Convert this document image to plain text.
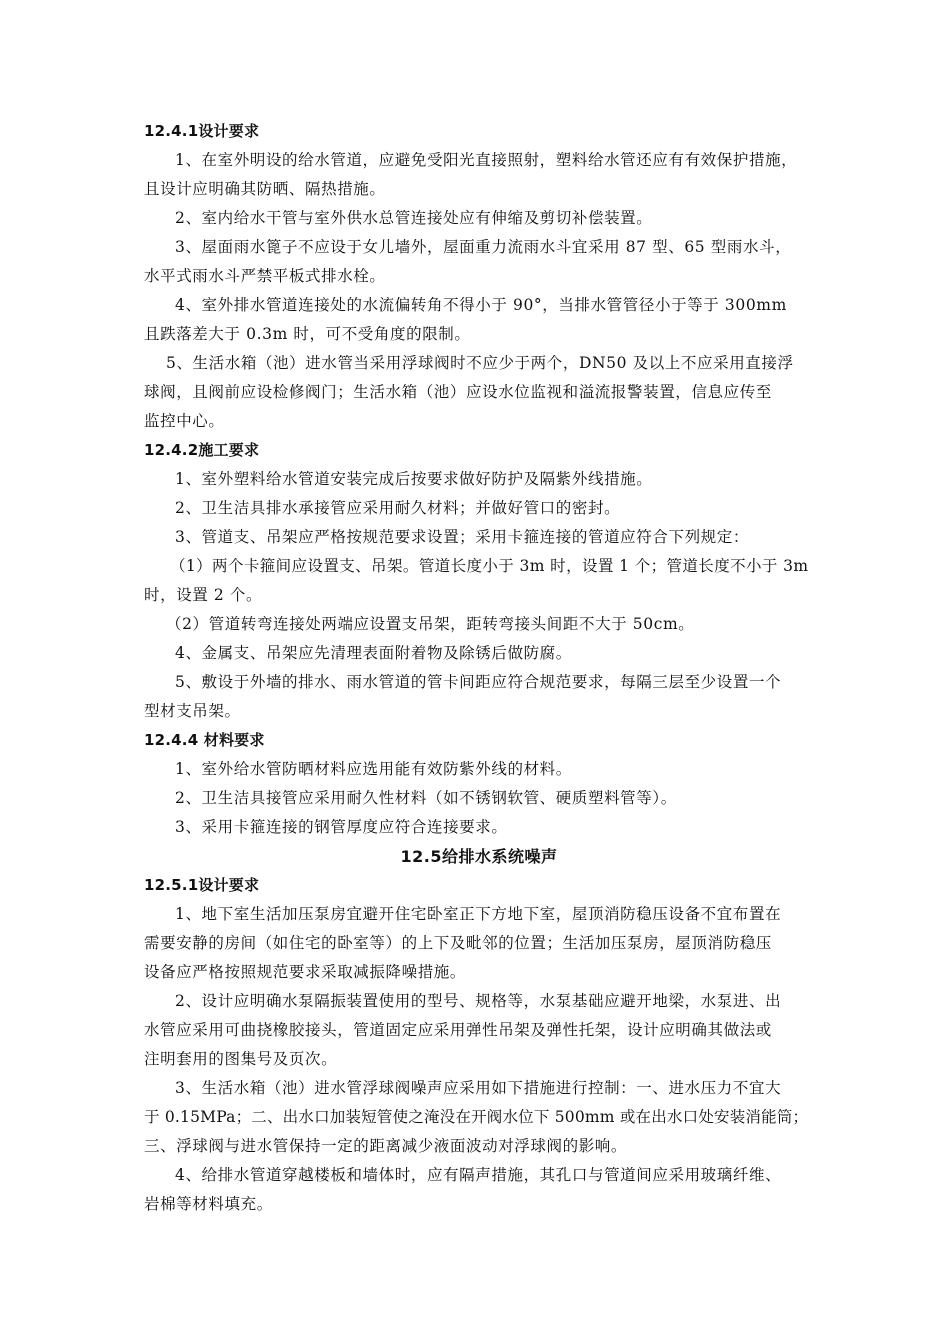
12.4.1设计要求
1、在室外明设的给水管道，应避免受阳光直接照射，塑料给水管还应有有效保护措施，
且设计应明确其防晒、隔热措施。
2、室内给水干管与室外供水总管连接处应有伸缩及剪切补偿装置。
3、屋面雨水篦子不应设于女儿墙外，屋面重力流雨水斗宜采用 87 型、65 型雨水斗，
水平式雨水斗严禁平板式排水栓。
4、室外排水管道连接处的水流偏转角不得小于 90°，当排水管管径小于等于 300mm
且跌落差大于 0.3m 时，可不受角度的限制。
5、生活水箱（池）进水管当采用浮球阀时不应少于两个，DN50 及以上不应采用直接浮
球阀，且阀前应设检修阀门；生活水箱（池）应设水位监视和溢流报警装置，信息应传至
监控中心。
12.4.2施工要求
1、室外塑料给水管道安装完成后按要求做好防护及隔紫外线措施。
2、卫生洁具排水承接管应采用耐久材料；并做好管口的密封。
3、管道支、吊架应严格按规范要求设置；采用卡箍连接的管道应符合下列规定：
（1）两个卡箍间应设置支、吊架。管道长度小于 3m 时，设置 1 个；管道长度不小于 3m
时，设置 2 个。
（2）管道转弯连接处两端应设置支吊架，距转弯接头间距不大于 50cm。
4、金属支、吊架应先清理表面附着物及除锈后做防腐。
5、敷设于外墙的排水、雨水管道的管卡间距应符合规范要求，每隔三层至少设置一个
型材支吊架。
12.4.4 材料要求
1、室外给水管防晒材料应选用能有效防紫外线的材料。
2、卫生洁具接管应采用耐久性材料（如不锈钢软管、硬质塑料管等）。
3、采用卡箍连接的钢管厚度应符合连接要求。
12.5给排水系统噪声
12.5.1设计要求
1、地下室生活加压泵房宜避开住宅卧室正下方地下室，屋顶消防稳压设备不宜布置在
需要安静的房间（如住宅的卧室等）的上下及毗邻的位置；生活加压泵房，屋顶消防稳压
设备应严格按照规范要求采取减振降噪措施。
2、设计应明确水泵隔振装置使用的型号、规格等，水泵基础应避开地梁，水泵进、出
水管应采用可曲挠橡胶接头，管道固定应采用弹性吊架及弹性托架，设计应明确其做法或
注明套用的图集号及页次。
3、生活水箱（池）进水管浮球阀噪声应采用如下措施进行控制：一、进水压力不宜大
于 0.15MPa；二、出水口加装短管使之淹没在开阀水位下 500mm 或在出水口处安装消能筒；
三、浮球阀与进水管保持一定的距离减少液面波动对浮球阀的影响。
4、给排水管道穿越楼板和墙体时，应有隔声措施，其孔口与管道间应采用玻璃纤维、
岩棉等材料填充。
